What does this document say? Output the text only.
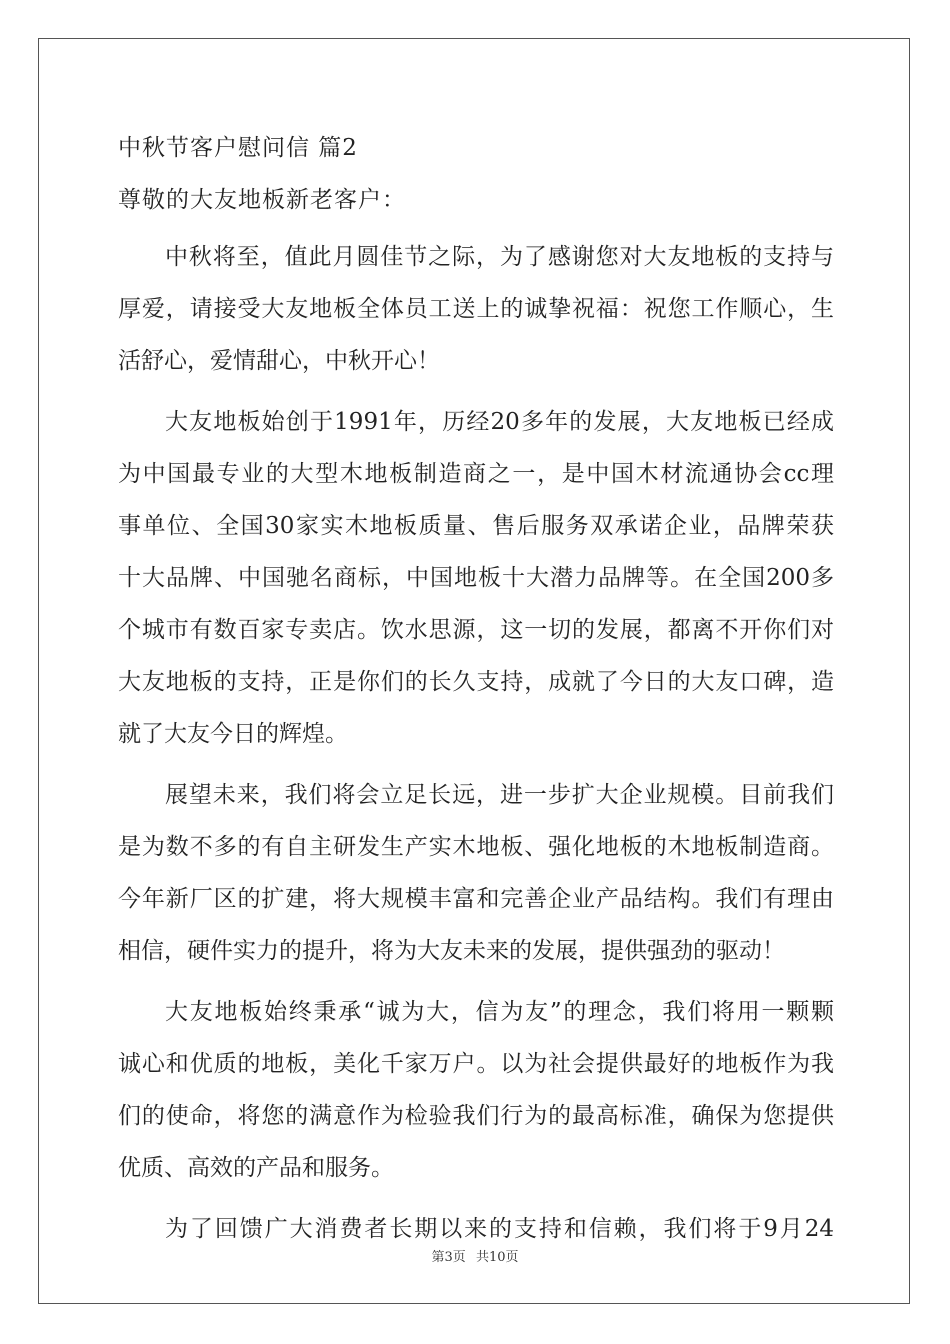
中秋节客户慰问信 篇2
尊敬的大友地板新老客户：
中秋将至，值此月圆佳节之际，为了感谢您对大友地板的支持与
厚爱，请接受大友地板全体员工送上的诚挚祝福：祝您工作顺心，生
活舒心，爱情甜心，中秋开心！
大友地板始创于1991年，历经20多年的发展，大友地板已经成
为中国最专业的大型木地板制造商之一，是中国木材流通协会cc理
事单位、全国30家实木地板质量、售后服务双承诺企业，品牌荣获
十大品牌、中国驰名商标，中国地板十大潜力品牌等。在全国200多
个城市有数百家专卖店。饮水思源，这一切的发展，都离不开你们对
大友地板的支持，正是你们的长久支持，成就了今日的大友口碑，造
就了大友今日的辉煌。
展望未来，我们将会立足长远，进一步扩大企业规模。目前我们
是为数不多的有自主研发生产实木地板、强化地板的木地板制造商。
今年新厂区的扩建，将大规模丰富和完善企业产品结构。我们有理由
相信，硬件实力的提升，将为大友未来的发展，提供强劲的驱动！
大友地板始终秉承“诚为大，信为友”的理念，我们将用一颗颗
诚心和优质的地板，美化千家万户。以为社会提供最好的地板作为我
们的使命，将您的满意作为检验我们行为的最高标准，确保为您提供
优质、高效的产品和服务。
为了回馈广大消费者长期以来的支持和信赖，我们将于9月24
第3页 共10页
